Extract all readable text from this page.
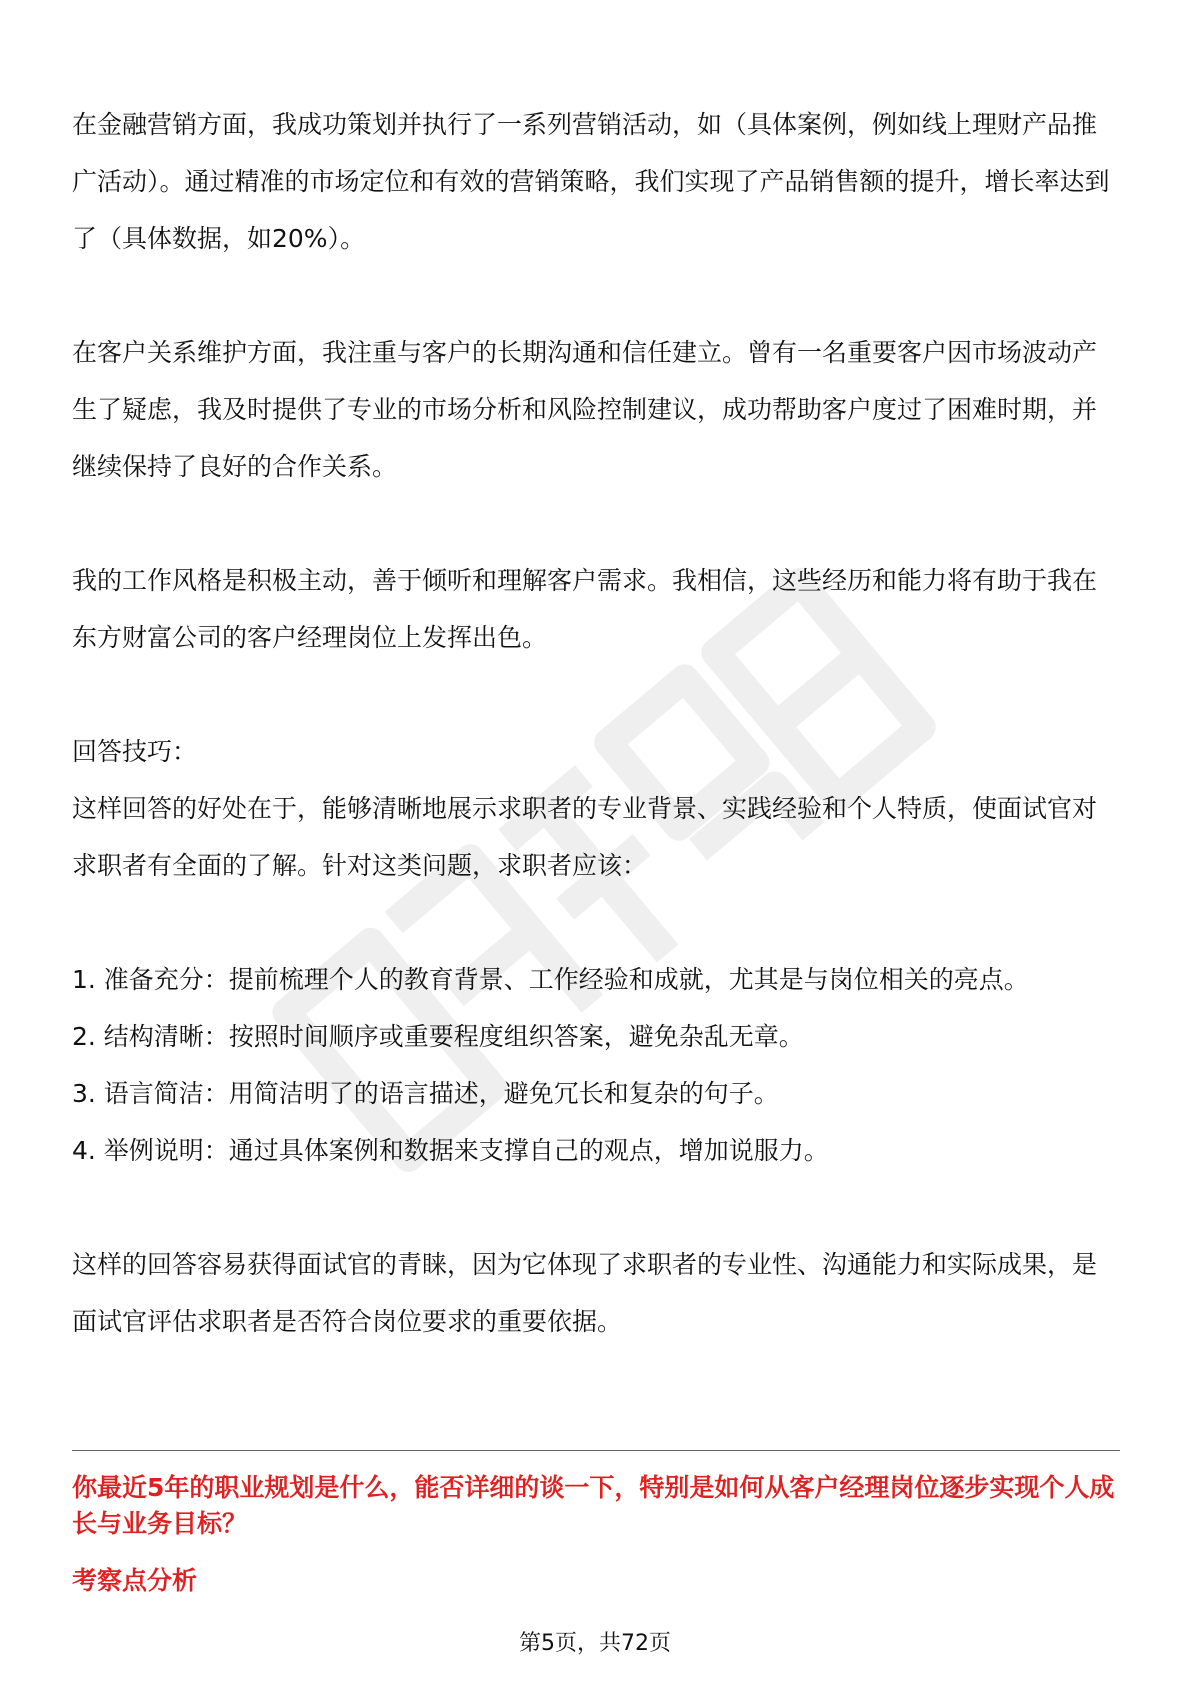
在金融营销方面，我成功策划并执行了一系列营销活动，如（具体案例，例如线上理财产品推广活动）。通过精准的市场定位和有效的营销策略，我们实现了产品销售额的提升，增长率达到了（具体数据，如20%）。

在客户关系维护方面，我注重与客户的长期沟通和信任建立。曾有一名重要客户因市场波动产生了疑虑，我及时提供了专业的市场分析和风险控制建议，成功帮助客户度过了困难时期，并继续保持了良好的合作关系。

我的工作风格是积极主动，善于倾听和理解客户需求。我相信，这些经历和能力将有助于我在东方财富公司的客户经理岗位上发挥出色。

回答技巧：

这样回答的好处在于，能够清晰地展示求职者的专业背景、实践经验和个人特质，使面试官对求职者有全面的了解。针对这类问题，求职者应该：

1. 准备充分：提前梳理个人的教育背景、工作经验和成就，尤其是与岗位相关的亮点。

2. 结构清晰：按照时间顺序或重要程度组织答案，避免杂乱无章。

3. 语言简洁：用简洁明了的语言描述，避免冗长和复杂的句子。

4. 举例说明：通过具体案例和数据来支撑自己的观点，增加说服力。

这样的回答容易获得面试官的青睐，因为它体现了求职者的专业性、沟通能力和实际成果，是面试官评估求职者是否符合岗位要求的重要依据。

你最近5年的职业规划是什么，能否详细的谈一下，特别是如何从客户经理岗位逐步实现个人成长与业务目标？

考察点分析

第5页，共72页
